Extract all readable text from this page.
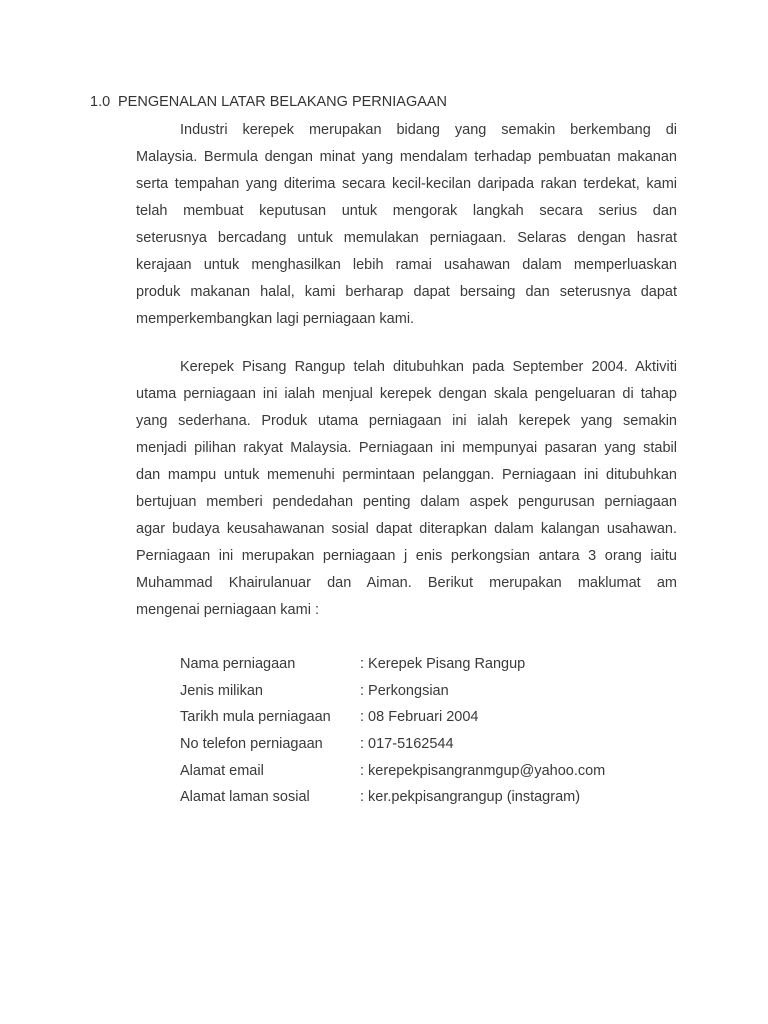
1.0 PENGENALAN LATAR BELAKANG PERNIAGAAN
Industri kerepek merupakan bidang yang semakin berkembang di
Malaysia. Bermula dengan minat yang mendalam terhadap pembuatan makanan
serta tempahan yang diterima secara kecil-kecilan daripada rakan terdekat, kami
telah membuat keputusan untuk mengorak langkah secara serius dan
seterusnya bercadang untuk memulakan perniagaan. Selaras dengan hasrat
kerajaan untuk menghasilkan lebih ramai usahawan dalam memperluaskan
produk makanan halal, kami berharap dapat bersaing dan seterusnya dapat
memperkembangkan lagi perniagaan kami.
Kerepek Pisang Rangup telah ditubuhkan pada September 2004. Aktiviti
utama perniagaan ini ialah menjual kerepek dengan skala pengeluaran di tahap
yang sederhana. Produk utama perniagaan ini ialah kerepek yang semakin
menjadi pilihan rakyat Malaysia. Perniagaan ini mempunyai pasaran yang stabil
dan mampu untuk memenuhi permintaan pelanggan. Perniagaan ini ditubuhkan
bertujuan memberi pendedahan penting dalam aspek pengurusan perniagaan
agar budaya keusahawanan sosial dapat diterapkan dalam kalangan usahawan.
Perniagaan ini merupakan perniagaan j enis perkongsian antara 3 orang iaitu
Muhammad Khairulanuar dan Aiman. Berikut merupakan maklumat am
mengenai perniagaan kami :
Nama perniagaan	: Kerepek Pisang Rangup
Jenis milikan	: Perkongsian
Tarikh mula perniagaan : 08 Februari 2004
No telefon perniagaan	: 017-5162544
Alamat email	: kerepekpisangranmgup@yahoo.com
Alamat laman sosial	: ker.pekpisangrangup (instagram)
